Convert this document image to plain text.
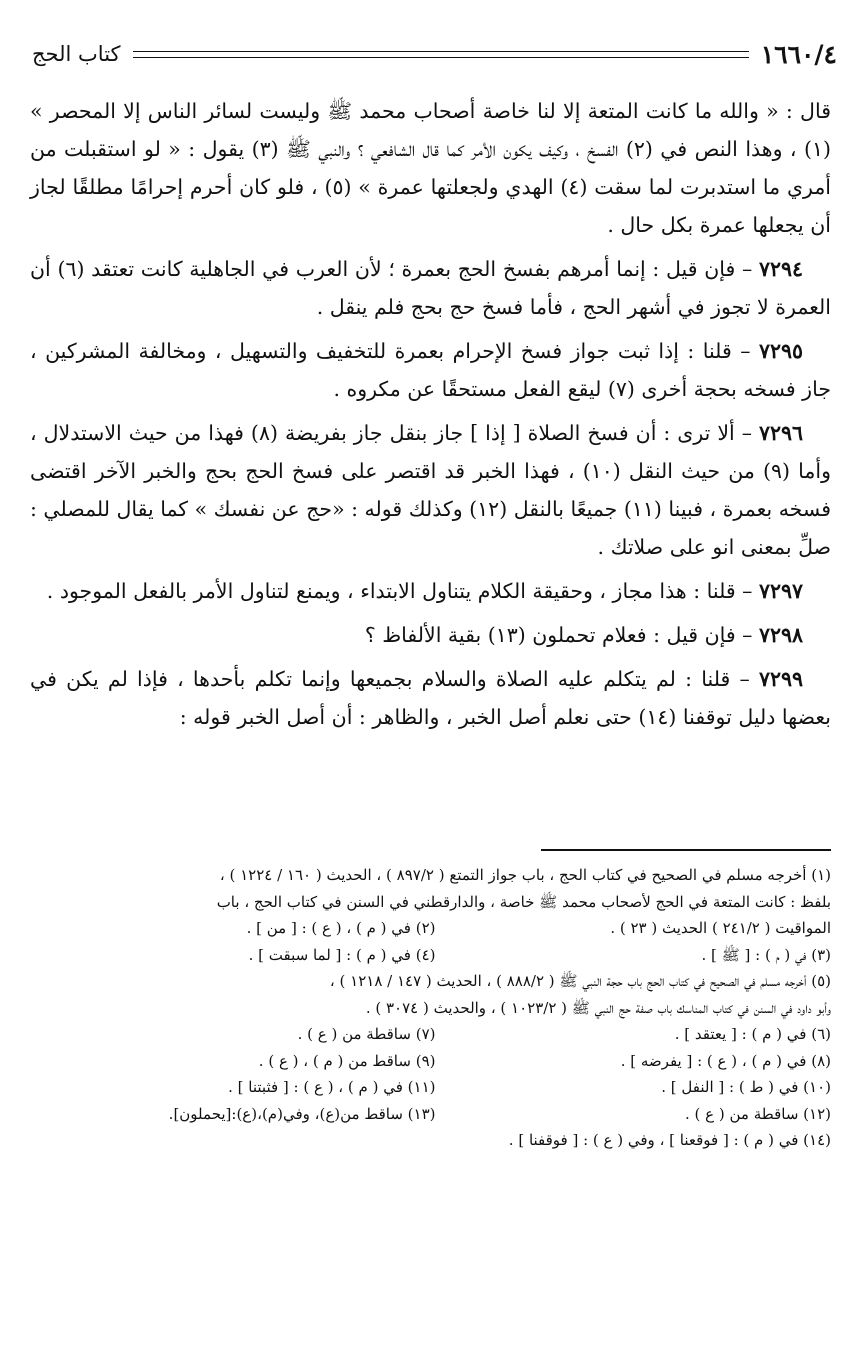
١٦٦٠/٤
كتاب الحج

قال : « والله ما كانت المتعة إلا لنا خاصة أصحاب محمد ﷺ وليست لسائر الناس إلا المحصر » (١) ، وهذا النص في (٢) الفسخ ، وكيف يكون الأمر كما قال الشافعي ؟ والنبي ﷺ (٣) يقول : « لو استقبلت من أمري ما استدبرت لما سقت (٤) الهدي ولجعلتها عمرة » (٥) ، فلو كان أحرم إحرامًا مطلقًا لجاز أن يجعلها عمرة بكل حال .

٧٢٩٤ – فإن قيل : إنما أمرهم بفسخ الحج بعمرة ؛ لأن العرب في الجاهلية كانت تعتقد (٦) أن العمرة لا تجوز في أشهر الحج ، فأما فسخ حج بحج فلم ينقل .

٧٢٩٥ – قلنا : إذا ثبت جواز فسخ الإحرام بعمرة للتخفيف والتسهيل ، ومخالفة المشركين ، جاز فسخه بحجة أخرى (٧) ليقع الفعل مستحقًا عن مكروه .

٧٢٩٦ – ألا ترى : أن فسخ الصلاة [ إذا ] جاز بنقل جاز بفريضة (٨) فهذا من حيث الاستدلال ، وأما (٩) من حيث النقل (١٠) ، فهذا الخبر قد اقتصر على فسخ الحج بحج والخبر الآخر اقتضى فسخه بعمرة ، فبينا (١١) جميعًا بالنقل (١٢) وكذلك قوله : «حج عن نفسك » كما يقال للمصلي : صلِّ بمعنى انو على صلاتك .

٧٢٩٧ – قلنا : هذا مجاز ، وحقيقة الكلام يتناول الابتداء ، ويمنع لتناول الأمر بالفعل الموجود .

٧٢٩٨ – فإن قيل : فعلام تحملون (١٣) بقية الألفاظ ؟

٧٢٩٩ – قلنا : لم يتكلم عليه الصلاة والسلام بجميعها وإنما تكلم بأحدها ، فإذا لم يكن في بعضها دليل توقفنا (١٤) حتى نعلم أصل الخبر ، والظاهر : أن أصل الخبر قوله :

(١) أخرجه مسلم في الصحيح في كتاب الحج ، باب جواز التمتع ( ٨٩٧/٢ ) ، الحديث ( ١٦٠ / ١٢٢٤ ) ،
بلفظ : كانت المتعة في الحج لأصحاب محمد ﷺ خاصة ، والدارقطني في السنن في كتاب الحج ، باب
المواقيت ( ٢٤١/٢ ) الحديث ( ٢٣ ) .
(٢) في ( م ) ، ( ع ) : [ من ] .
(٣) في ( م ) : [ ﷺ ] .
(٤) في ( م ) : [ لما سبقت ] .
(٥) أخرجه مسلم في الصحيح في كتاب الحج باب حجة النبي ﷺ ( ٨٨٨/٢ ) ، الحديث ( ١٤٧ / ١٢١٨ ) ،
وأبو داود في السنن في كتاب المناسك باب صفة حج النبي ﷺ ( ١٠٢٣/٢ ) ، والحديث ( ٣٠٧٤ ) .
(٦) في ( م ) : [ يعتقد ] .
(٧) ساقطة من ( ع ) .
(٨) في ( م ) ، ( ع ) : [ يفرضه ] .
(٩) ساقط من ( م ) ، ( ع ) .
(١٠) في ( ط ) : [ النفل ] .
(١١) في ( م ) ، ( ع ) : [ فثبتنا ] .
(١٢) ساقطة من ( ع ) .
(١٣) ساقط من(ع)، وفي(م)،(ع):[يحملون].
(١٤) في ( م ) : [ فوقعنا ] ، وفي ( ع ) : [ فوقفنا ] .
